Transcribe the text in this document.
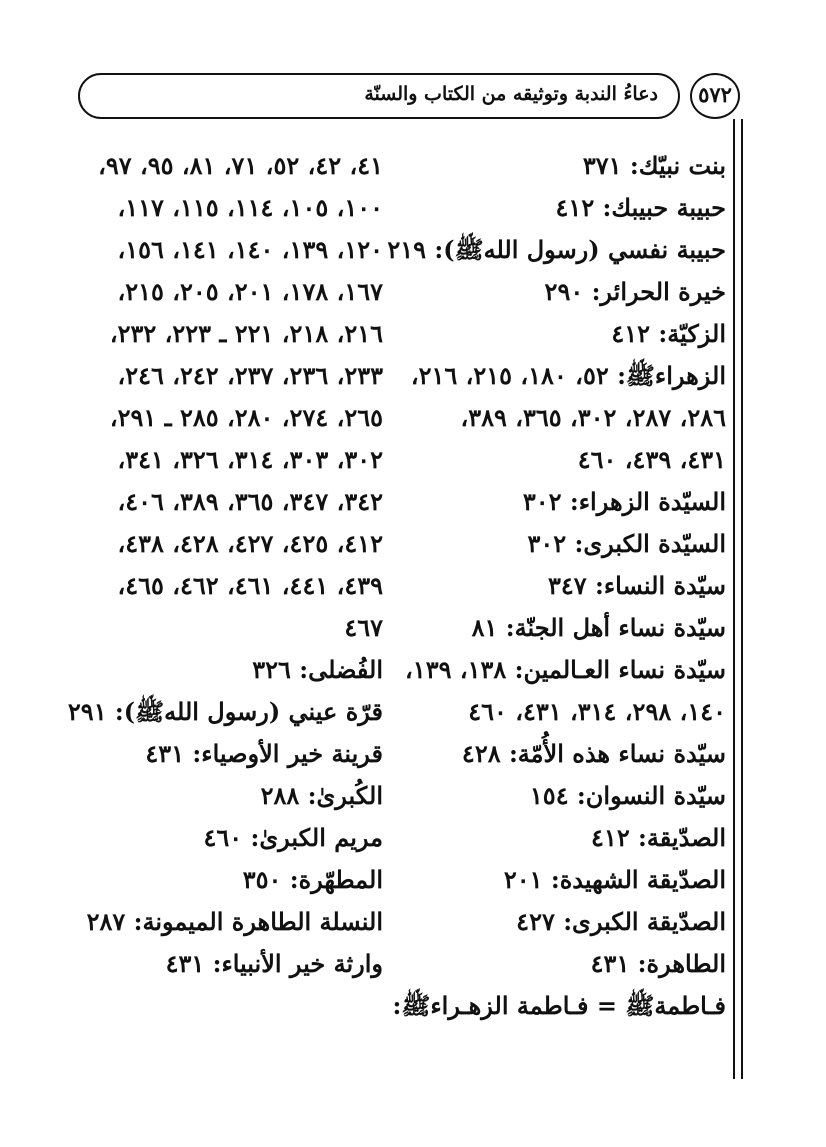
دعاءُ الندبة وتوثيقه من الكتاب والسنّة	٥٧٢
بنت نبيّك: ٣٧١
حبيبة حبيبك: ٤١٢
حبيبة نفسي (رسول اللهﷺ): ٢١٩
خيرة الحرائر: ٢٩٠
الزكيّة: ٤١٢
الزهراءﷺ: ٥٢، ١٨٠، ٢١٥، ٢١٦،
٢٨٦، ٢٨٧، ٣٠٢، ٣٦٥، ٣٨٩،
٤٣١، ٤٣٩، ٤٦٠
السيّدة الزهراء: ٣٠٢
السيّدة الكبرى: ٣٠٢
سيّدة النساء: ٣٤٧
سيّدة نساء أهل الجنّة: ٨١
سيّدة نساء العـالمين: ١٣٨، ١٣٩،
١٤٠، ٢٩٨، ٣١٤، ٤٣١، ٤٦٠
سيّدة نساء هذه الأُمّة: ٤٢٨
سيّدة النسوان: ١٥٤
الصدّيقة: ٤١٢
الصدّيقة الشهيدة: ٢٠١
الصدّيقة الكبرى: ٤٢٧
الطاهرة: ٤٣١
فـاطمةﷺ = فـاطمة الزهـراءﷺ:
٤١، ٤٢، ٥٢، ٧١، ٨١، ٩٥، ٩٧،
١٠٠، ١٠٥، ١١٤، ١١٥، ١١٧،
١٢٠، ١٣٩، ١٤٠، ١٤١، ١٥٦،
١٦٧، ١٧٨، ٢٠١، ٢٠٥، ٢١٥،
٢١٦، ٢١٨، ٢٢١ ـ ٢٢٣، ٢٣٢،
٢٣٣، ٢٣٦، ٢٣٧، ٢٤٢، ٢٤٦،
٢٦٥، ٢٧٤، ٢٨٠، ٢٨٥ ـ ٢٩١،
٣٠٢، ٣٠٣، ٣١٤، ٣٢٦، ٣٤١،
٣٤٢، ٣٤٧، ٣٦٥، ٣٨٩، ٤٠٦،
٤١٢، ٤٢٥، ٤٢٧، ٤٢٨، ٤٣٨،
٤٣٩، ٤٤١، ٤٦١، ٤٦٢، ٤٦٥،
٤٦٧
الفُضلى: ٣٢٦
قرّة عيني (رسول اللهﷺ): ٢٩١
قرينة خير الأوصياء: ٤٣١
الكُبرىٰ: ٢٨٨
مريم الكبرىٰ: ٤٦٠
المطهّرة: ٣٥٠
النسلة الطاهرة الميمونة: ٢٨٧
وارثة خير الأنبياء: ٤٣١
